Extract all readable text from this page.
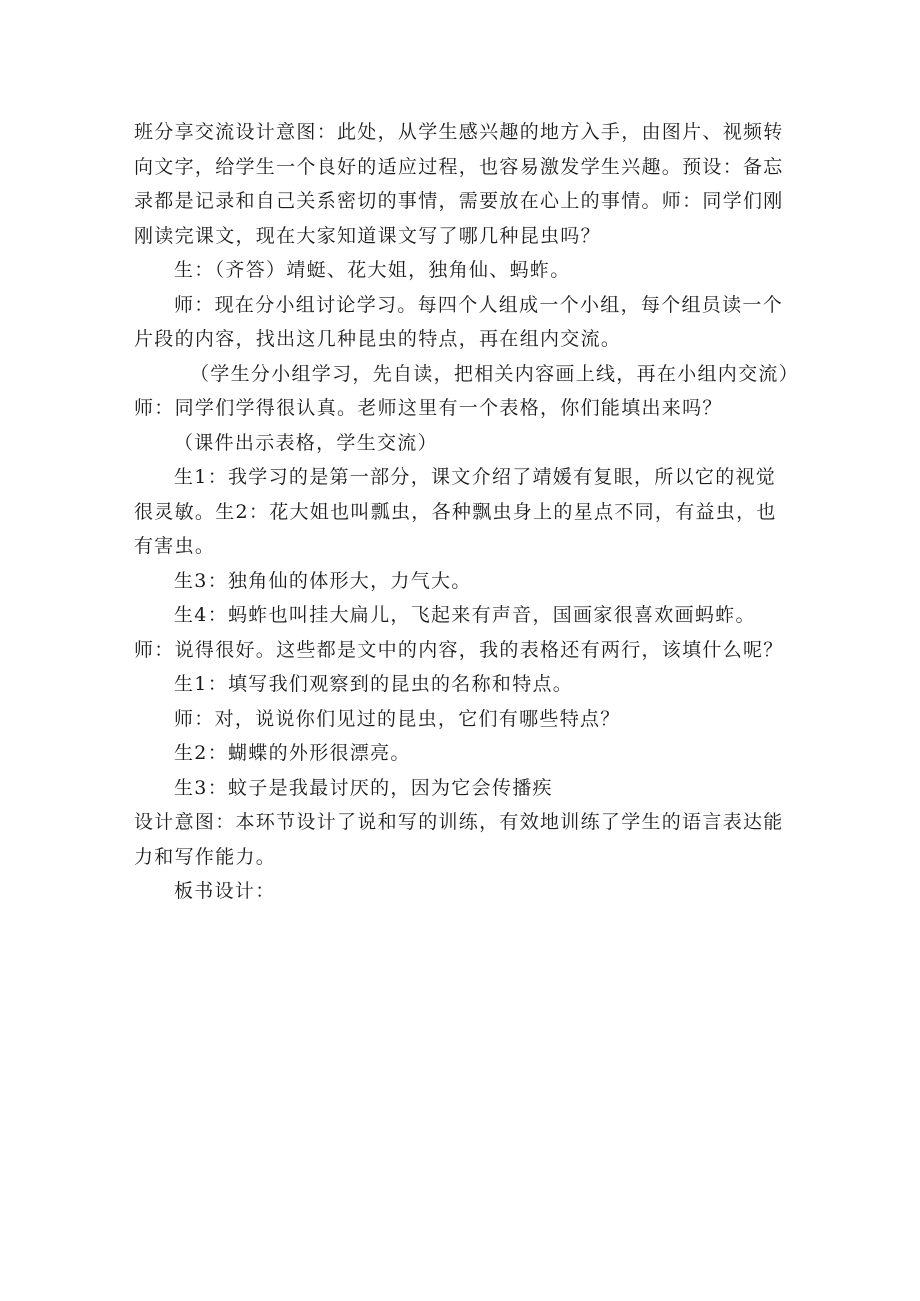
班分享交流设计意图：此处，从学生感兴趣的地方入手，由图片、视频转向文字，给学生一个良好的适应过程，也容易激发学生兴趣。预设：备忘录都是记录和自己关系密切的事情，需要放在心上的事情。师：同学们刚刚读完课文，现在大家知道课文写了哪几种昆虫吗？

生：（齐答）靖蜓、花大姐，独角仙、蚂蚱。

师：现在分小组讨论学习。每四个人组成一个小组，每个组员读一个片段的内容，找出这几种昆虫的特点，再在组内交流。

（学生分小组学习，先自读，把相关内容画上线，再在小组内交流）

师：同学们学得很认真。老师这里有一个表格，你们能填出来吗？

（课件出示表格，学生交流）

生1：我学习的是第一部分，课文介绍了靖媛有复眼，所以它的视觉很灵敏。生2：花大姐也叫瓢虫，各种飘虫身上的星点不同，有益虫，也有害虫。

生3：独角仙的体形大，力气大。

生4：蚂蚱也叫挂大扁儿，飞起来有声音，国画家很喜欢画蚂蚱。师：说得很好。这些都是文中的内容，我的表格还有两行，该填什么呢？

生1：填写我们观察到的昆虫的名称和特点。

师：对，说说你们见过的昆虫，它们有哪些特点？

生2：蝴蝶的外形很漂亮。

生3：蚊子是我最讨厌的，因为它会传播疾

设计意图：本环节设计了说和写的训练，有效地训练了学生的语言表达能力和写作能力。

板书设计：
